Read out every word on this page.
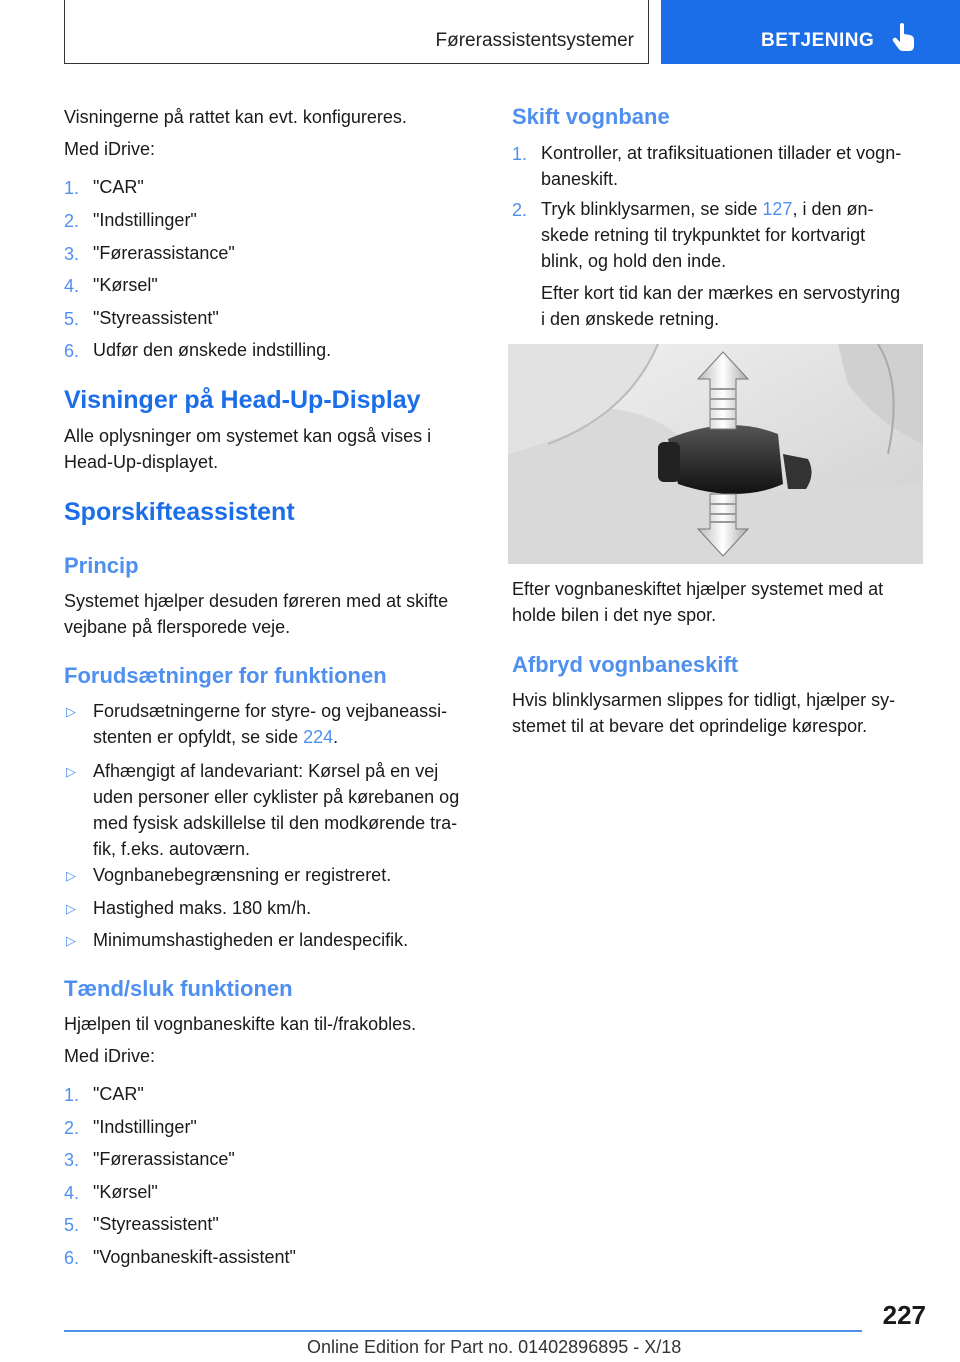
Førerassistentsystemer	BETJENING
Visningerne på rattet kan evt. konfigureres.
Med iDrive:
1. "CAR"
2. "Indstillinger"
3. "Førerassistance"
4. "Kørsel"
5. "Styreassistent"
6. Udfør den ønskede indstilling.
Visninger på Head-Up-Display
Alle oplysninger om systemet kan også vises i
Head-Up-displayet.
Sporskifteassistent
Princip
Systemet hjælper desuden føreren med at skifte
vejbane på flersporede veje.
Forudsætninger for funktionen
▷ Forudsætningerne for styre- og vejbaneassi-
stenten er opfyldt, se side 224.
▷ Afhængigt af landevariant: Kørsel på en vej
uden personer eller cyklister på kørebanen og
med fysisk adskillelse til den modkørende tra-
fik, f.eks. autoværn.
▷ Vognbanebegrænsning er registreret.
▷ Hastighed maks. 180 km/h.
▷ Minimumshastigheden er landespecifik.
Tænd/sluk funktionen
Hjælpen til vognbaneskifte kan til-/frakobles.
Med iDrive:
1. "CAR"
2. "Indstillinger"
3. "Førerassistance"
4. "Kørsel"
5. "Styreassistent"
6. "Vognbaneskift-assistent"
Skift vognbane
1. Kontroller, at trafiksituationen tillader et vogn-
baneskift.
2. Tryk blinklysarmen, se side 127, i den øn-
skede retning til trykpunktet for kortvarigt
blink, og hold den inde.
Efter kort tid kan der mærkes en servostyring
i den ønskede retning.
Efter vognbaneskiftet hjælper systemet med at
holde bilen i det nye spor.
Afbryd vognbaneskift
Hvis blinklysarmen slippes for tidligt, hjælper sy-
stemet til at bevare det oprindelige kørespor.
227
Online Edition for Part no. 01402896895 - X/18
